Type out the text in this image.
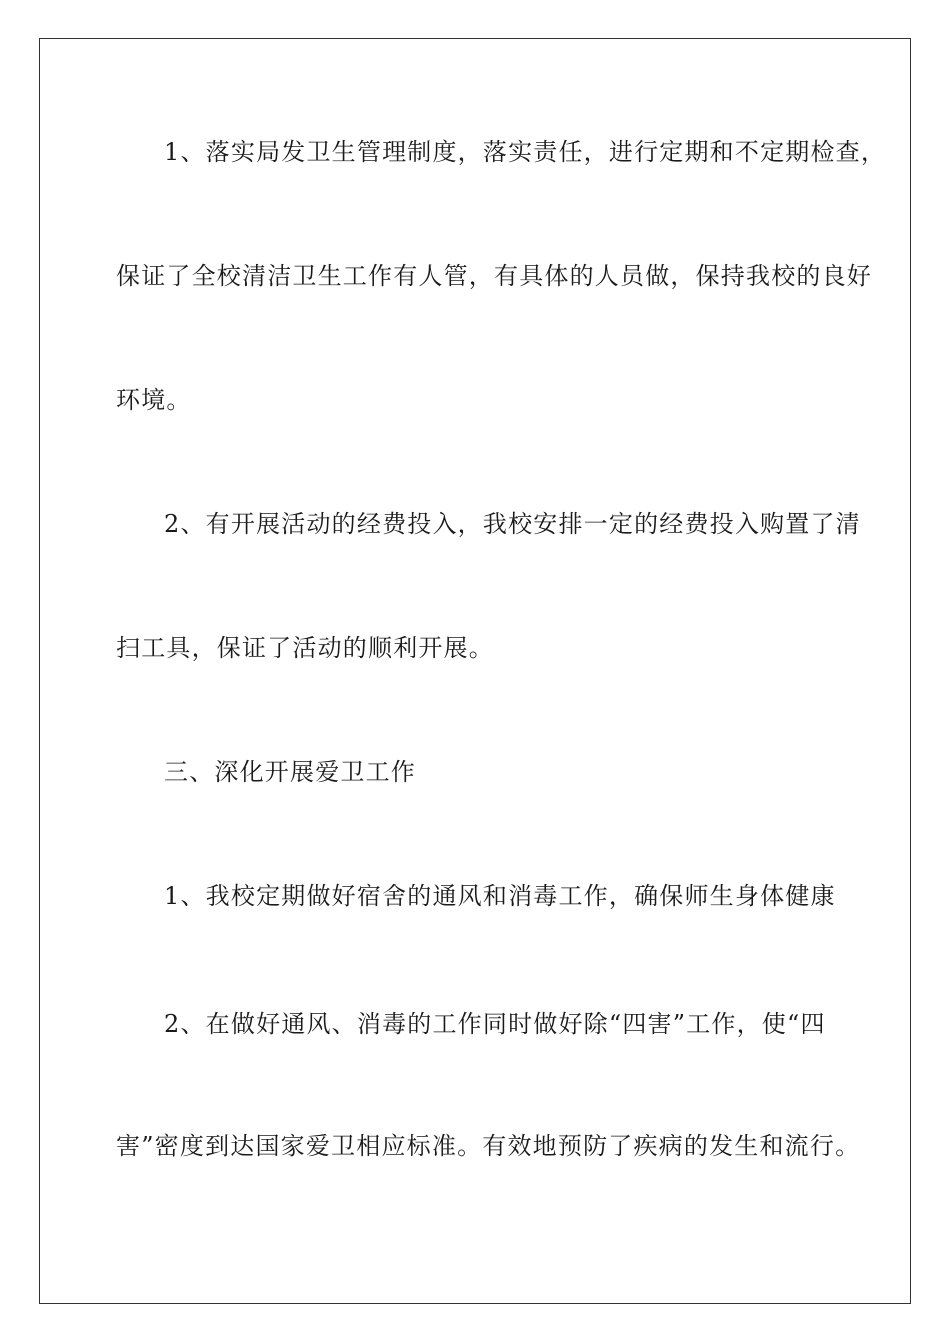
1、落实局发卫生管理制度，落实责任，进行定期和不定期检查，

保证了全校清洁卫生工作有人管，有具体的人员做，保持我校的良好

环境。

2、有开展活动的经费投入，我校安排一定的经费投入购置了清

扫工具，保证了活动的顺利开展。

三、深化开展爱卫工作

1、我校定期做好宿舍的通风和消毒工作，确保师生身体健康

2、在做好通风、消毒的工作同时做好除“四害”工作，使“四

害”密度到达国家爱卫相应标准。有效地预防了疾病的发生和流行。
